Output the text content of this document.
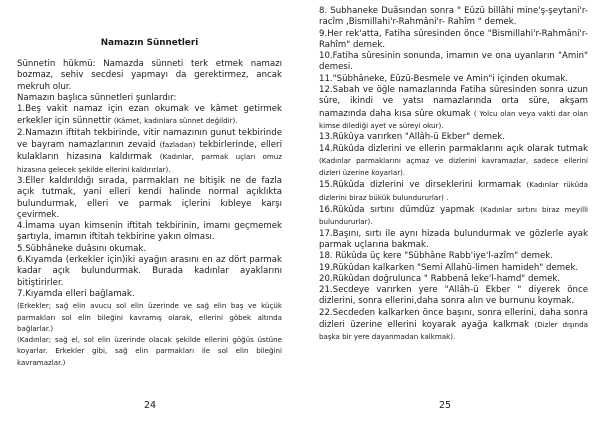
Namazın Sünnetleri

Sünnetin hükmü: Namazda sünneti terk etmek namazı bozmaz, sehiv secdesi yapmayı da gerektirmez, ancak mekruh olur.

Namazın başlıca sünnetleri şunlardır:

1.Beş vakit namaz için ezan okumak ve kâmet getirmek erkekler için sünnettir (Kâmet, kadınlara sünnet değildir).

2.Namazın iftitah tekbirinde, vitir namazının gunut tekbirinde ve bayram namazlarının zevaid (fazladan) tekbirlerinde, elleri kulakların hizasına kaldırmak (Kadınlar, parmak uçları omuz hizasına gelecek şekilde ellerini kaldırırlar).

3.Eller kaldırıldığı sırada, parmakları ne bitişik ne de fazla açık tutmak, yani elleri kendi halinde normal açıklıkta bulundurmak, elleri ve parmak içlerini kıbleye karşı çevirmek.

4.İmama uyan kimsenin iftitah tekbirinin, imamı geçmemek şartıyla, imamın iftitah tekbirine yakın olması.

5.Sübhâneke duâsını okumak.

6.Kıyamda (erkekler için)iki ayağın arasını en az dört parmak kadar açık bulundurmak. Burada kadınlar ayaklarını bitiştirirler.

7.Kıyamda elleri bağlamak.

(Erkekler; sağ elin avucu sol elin üzerinde ve sağ elin baş ve küçük parmakları sol elin bileğini kavramış olarak, ellerini göbek altında bağlarlar.)

(Kadınlar; sağ el, sol elin üzerinde olacak şekilde ellerini göğüs üstüne koyarlar. Erkekler gibi, sağ elin parmakları ile sol elin bileğini kavramazlar.)

24

8. Subhaneke Duâsından sonra " Eûzü billâhi mine'ş-şeytani'r-racîm ,Bismillahi'r-Rahmâni'r- Rahîm " demek.

9.Her rek'atta, Fatiha sûresinden önce "Bismillahi'r-Rahmâni'r-Rahîm" demek.

10.Fatiha sûresinin sonunda, imamın ve ona uyanların "Amin" demesi.

11."Sübhâneke, Eûzü-Besmele ve Amin"i içinden okumak.

12.Sabah ve öğle namazlarında Fatiha sûresinden sonra uzun sûre, ikindi ve yatsı namazlarında orta süre, akşam namazında daha kısa sûre okumak ( Yolcu olan veya vakti dar olan kimse dilediği ayet ve süreyi okur).

13.Rükûya varırken "Allâh-ü Ekber" demek.

14.Rükûda dizlerini ve ellerin parmaklarını açık olarak tutmak (Kadınlar parmaklarını açmaz ve dizlerini kavramazlar, sadece ellerini dizleri üzerine koyarlar).

15.Rükûda dizlerini ve dirseklerini kırmamak (Kadınlar rükûda dizlerini biraz bükük bulundururlar) .

16.Rükûda sırtını dümdüz yapmak (Kadınlar sırtını biraz meyilli bulundururlar).

17.Başını, sırtı ile aynı hizada bulundurmak ve gözlerle ayak parmak uçlarına bakmak.

18. Rükûda üç kere "Sübhâne Rabb'iye'l-azîm" demek.

19.Rükûdan kalkarken "Semi Allahü-limen hamideh" demek.

20.Rükûdan doğrulunca " Rabbenâ leke'l-hamd" demek.

21.Secdeye varırken yere "Allâh-ü Ekber " diyerek önce dizlerini, sonra ellerini,daha sonra alın ve burnunu koymak.

22.Secdeden kalkarken önce başını, sonra ellerini, daha sonra dizleri üzerine ellerini koyarak ayağa kalkmak (Dizler dışında başka bir yere dayanmadan kalkmak).

25
